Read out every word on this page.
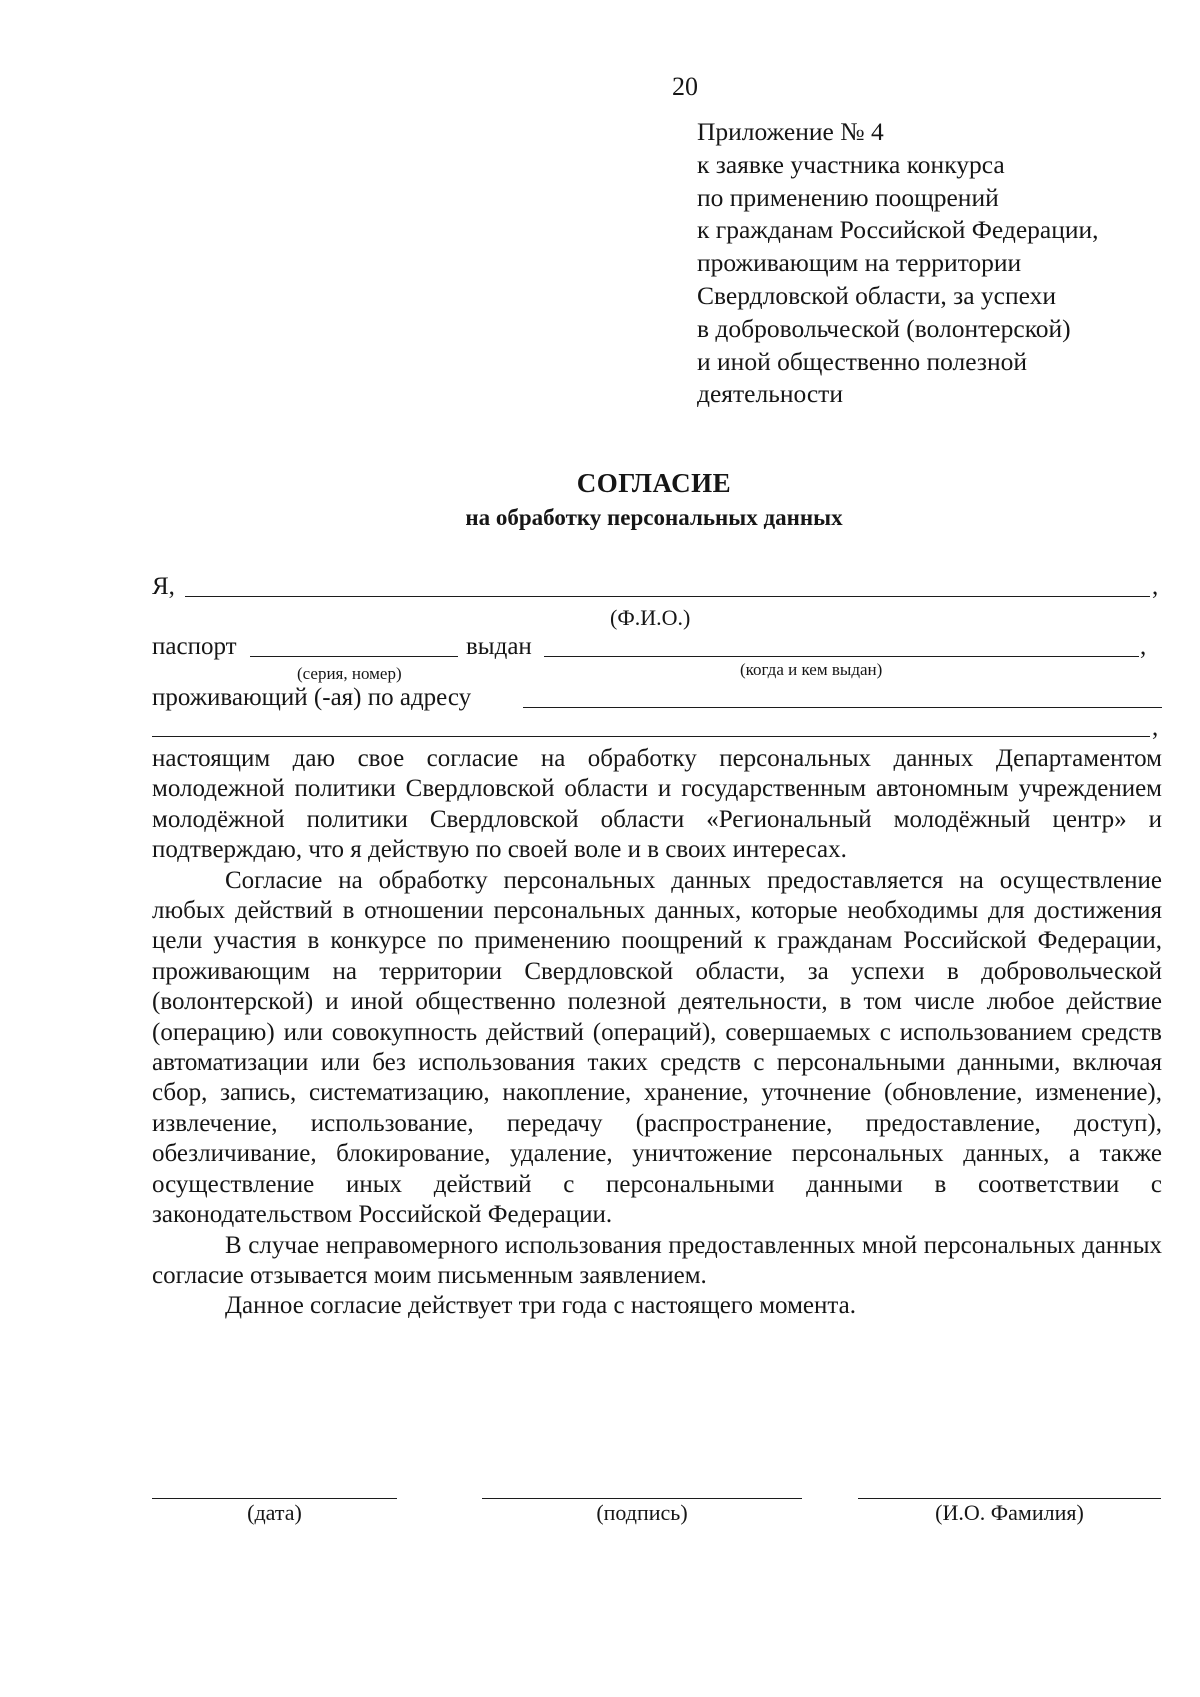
20
Приложение № 4
к заявке участника конкурса
по применению поощрений
к гражданам Российской Федерации,
проживающим на территории
Свердловской области, за успехи
в добровольческой (волонтерской)
и иной общественно полезной
деятельности
СОГЛАСИЕ
на обработку персональных данных
Я,	,
(Ф.И.О.)
паспорт	выдан	,
(серия, номер)	(когда и кем выдан)
проживающий (-ая) по адресу
,

настоящим даю свое согласие на обработку персональных данных Департаментом молодежной политики Свердловской области и государственным автономным учреждением молодёжной политики Свердловской области «Региональный молодёжный центр» и подтверждаю, что я действую по своей воле и в своих интересах.

Согласие на обработку персональных данных предоставляется на осуществление любых действий в отношении персональных данных, которые необходимы для достижения цели участия в конкурсе по применению поощрений к гражданам Российской Федерации, проживающим на территории Свердловской области, за успехи в добровольческой (волонтерской) и иной общественно полезной деятельности, в том числе любое действие (операцию) или совокупность действий (операций), совершаемых с использованием средств автоматизации или без использования таких средств с персональными данными, включая сбор, запись, систематизацию, накопление, хранение, уточнение (обновление, изменение), извлечение, использование, передачу (распространение, предоставление, доступ), обезличивание, блокирование, удаление, уничтожение персональных данных, а также осуществление иных действий с персональными данными в соответствии с законодательством Российской Федерации.

В случае неправомерного использования предоставленных мной персональных данных согласие отзывается моим письменным заявлением.

Данное согласие действует три года с настоящего момента.

(дата)	(подпись)	(И.О. Фамилия)
